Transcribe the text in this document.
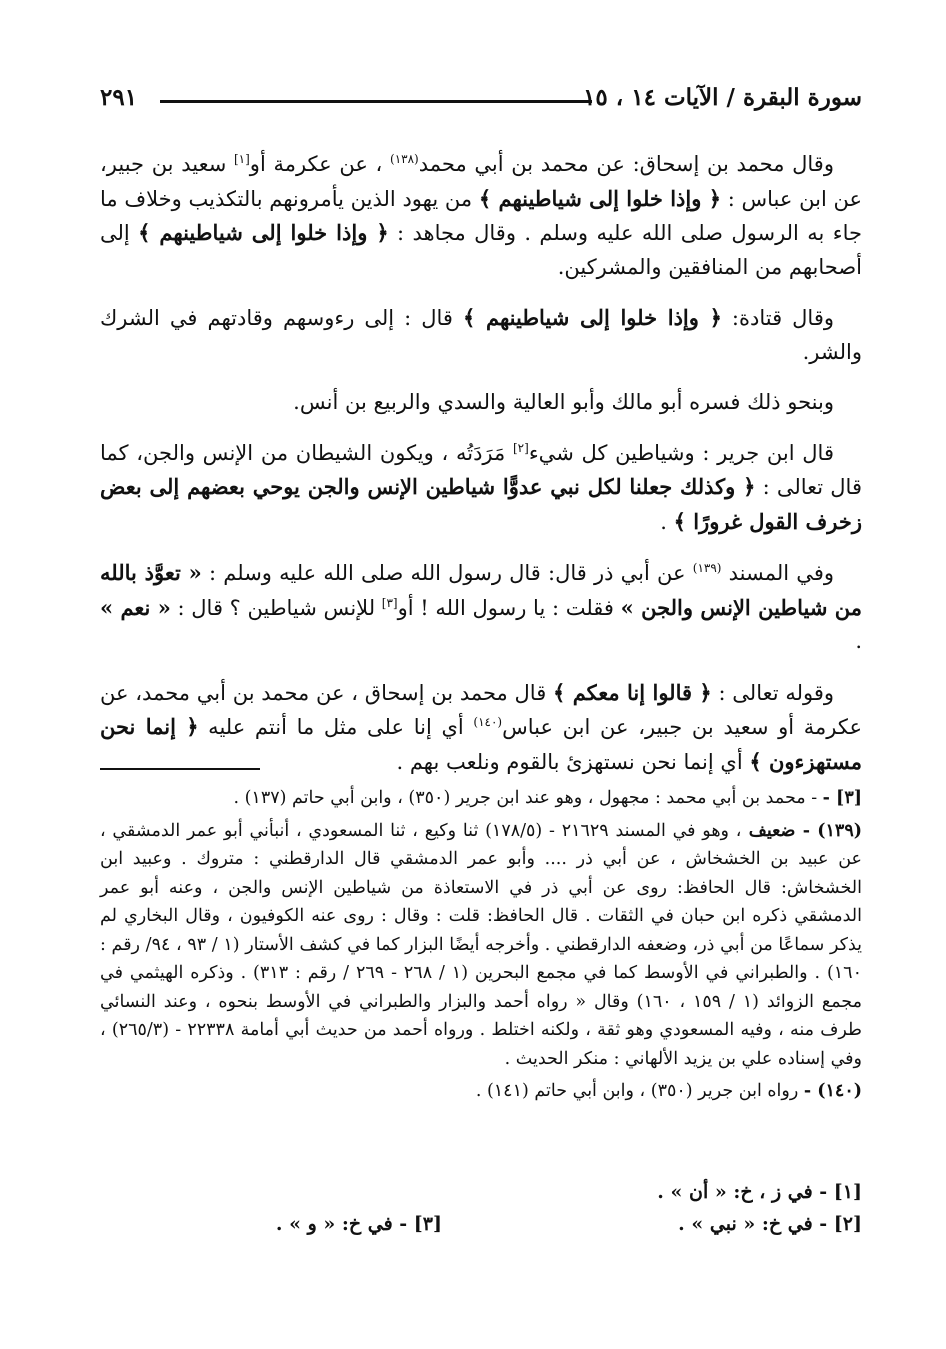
سورة البقرة / الآيات ١٤ ، ١٥
٢٩١

وقال محمد بن إسحاق: عن محمد بن أبي محمد$^{(١٣٨)}$ ، عن عكرمة أو[١] سعيد بن جبير، عن ابن عباس : ﴿ وإذا خلوا إلى شياطينهم ﴾ من يهود الذين يأمرونهم بالتكذيب وخلاف ما جاء به الرسول صلى الله عليه وسلم . وقال مجاهد : ﴿ وإذا خلوا إلى شياطينهم ﴾ إلى أصحابهم من المنافقين والمشركين.

وقال قتادة: ﴿ وإذا خلوا إلى شياطينهم ﴾ قال : إلى رءوسهم وقادتهم في الشرك والشر.

وبنحو ذلك فسره أبو مالك وأبو العالية والسدي والربيع بن أنس.

قال ابن جرير : وشياطين كل شيء[٢] مَرَدَتُه ، ويكون الشيطان من الإنس والجن، كما قال تعالى : ﴿ وكذلك جعلنا لكل نبي عدوًّا شياطين الإنس والجن يوحي بعضهم إلى بعض زخرف القول غرورًا ﴾ .

وفي المسند $^{(١٣٩)}$ عن أبي ذر قال: قال رسول الله صلى الله عليه وسلم : « تعوَّذ بالله من شياطين الإنس والجن » فقلت : يا رسول الله ! أو[٣] للإنس شياطين ؟ قال : « نعم » .

وقوله تعالى : ﴿ قالوا إنا معكم ﴾ قال محمد بن إسحاق ، عن محمد بن أبي محمد، عن عكرمة أو سعيد بن جبير، عن ابن عباس$^{(١٤٠)}$ أي إنا على مثل ما أنتم عليه ﴿ إنما نحن مستهزءون ﴾ أي إنما نحن نستهزئ بالقوم ونلعب بهم .

[٣] - - محمد بن أبي محمد : مجهول ، وهو عند ابن جرير (٣٥٠) ، وابن أبي حاتم (١٣٧) .

(١٣٩) - ضعيف ، وهو في المسند ٢١٦٢٩ - (١٧٨/٥) ثنا وكيع ، ثنا المسعودي ، أنبأني أبو عمر الدمشقي ، عن عبيد بن الخشخاش ، عن أبي ذر .... وأبو عمر الدمشقي قال الدارقطني : متروك . وعبيد ابن الخشخاش: قال الحافظ: روى عن أبي ذر في الاستعاذة من شياطين الإنس والجن ، وعنه أبو عمر الدمشقي ذكره ابن حبان في الثقات . قال الحافظ: قلت : وقال : روى عنه الكوفيون ، وقال البخاري لم يذكر سماعًا من أبي ذر، وضعفه الدارقطني . وأخرجه أيضًا البزار كما في كشف الأستار (١ / ٩٣ ، ٩٤/ رقم : ١٦٠) . والطبراني في الأوسط كما في مجمع البحرين (١ / ٢٦٨ - ٢٦٩ / رقم : ٣١٣) . وذكره الهيثمي في مجمع الزوائد (١ / ١٥٩ ، ١٦٠) وقال « رواه أحمد والبزار والطبراني في الأوسط بنحوه ، وعند النسائي طرف منه ، وفيه المسعودي وهو ثقة ، ولكنه اختلط . ورواه أحمد من حديث أبي أمامة ٢٢٣٣٨ - (٢٦٥/٣) ، وفي إسناده علي بن يزيد الألهاني : منكر الحديث .

(١٤٠) - رواه ابن جرير (٣٥٠) ، وابن أبي حاتم (١٤١) .

[١] - في ز ، خ: « أن » .
[٢] - في خ: « نبي » .
[٣] - في خ: « و » .
